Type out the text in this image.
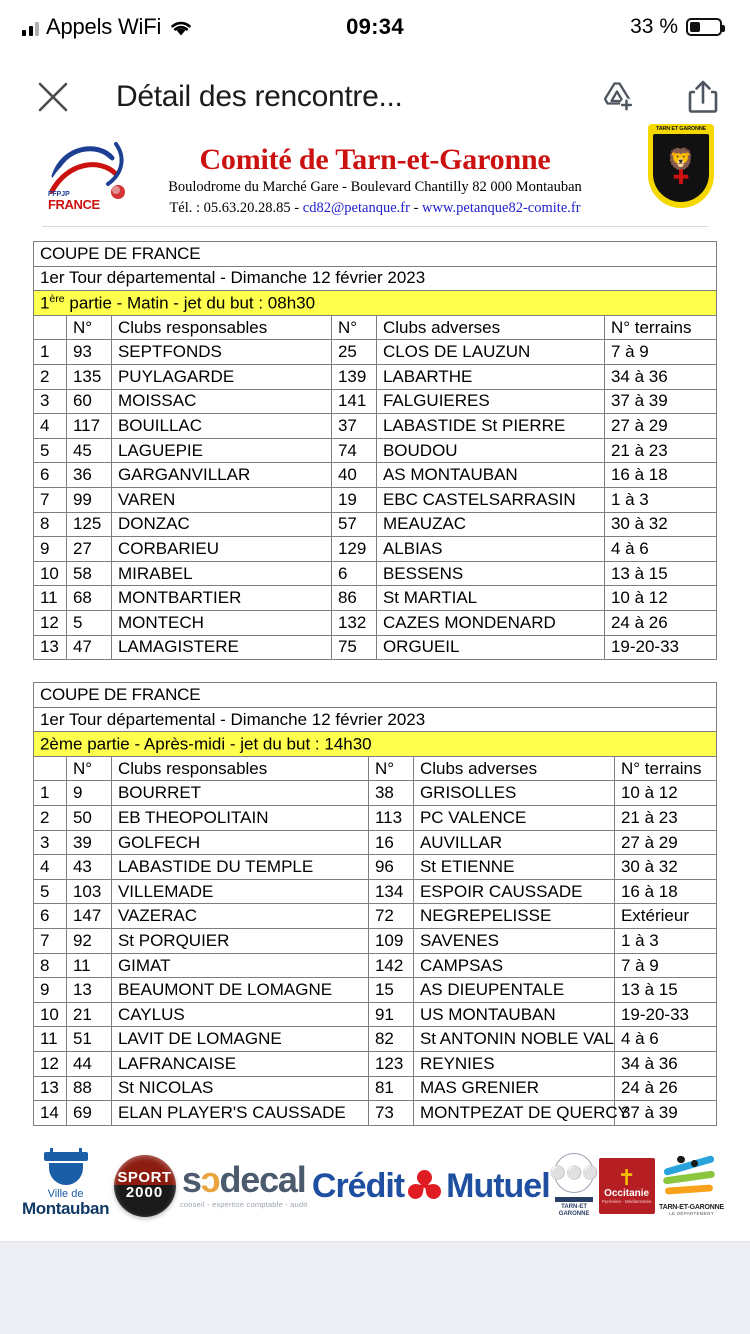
Appels WiFi	09:34	33 %
Détail des rencontre...
FFPJP
FRANCE
Comité de Tarn-et-Garonne
Boulodrome du Marché Gare - Boulevard Chantilly 82 000 Montauban
Tél. : 05.63.20.28.85 - cd82@petanque.fr - www.petanque82-comite.fr
TARN ET GARONNE
🦁
✚
COUPE DE FRANCE					
1er Tour départemental - Dimanche 12 février 2023					
1ère partie - Matin - jet du but : 08h30					
	N°	Clubs responsables	N°	Clubs adverses	N° terrains
1	93	SEPTFONDS	25	CLOS DE LAUZUN	7 à 9
2	135	PUYLAGARDE	139	LABARTHE	34 à 36
3	60	MOISSAC	141	FALGUIERES	37 à 39
4	117	BOUILLAC	37	LABASTIDE St PIERRE	27 à 29
5	45	LAGUEPIE	74	BOUDOU	21 à 23
6	36	GARGANVILLAR	40	AS MONTAUBAN	16 à 18
7	99	VAREN	19	EBC CASTELSARRASIN	1 à 3
8	125	DONZAC	57	MEAUZAC	30 à 32
9	27	CORBARIEU	129	ALBIAS	4 à 6
10	58	MIRABEL	6	BESSENS	13 à 15
11	68	MONTBARTIER	86	St MARTIAL	10 à 12
12	5	MONTECH	132	CAZES MONDENARD	24 à 26
13	47	LAMAGISTERE	75	ORGUEIL	19-20-33
COUPE DE FRANCE					
1er Tour départemental - Dimanche 12 février 2023					
2ème partie - Après-midi - jet du but : 14h30					
	N°	Clubs responsables	N°	Clubs adverses	N° terrains
1	9	BOURRET	38	GRISOLLES	10 à 12
2	50	EB THEOPOLITAIN	113	PC VALENCE	21 à 23
3	39	GOLFECH	16	AUVILLAR	27 à 29
4	43	LABASTIDE DU TEMPLE	96	St ETIENNE	30 à 32
5	103	VILLEMADE	134	ESPOIR CAUSSADE	16 à 18
6	147	VAZERAC	72	NEGREPELISSE	Extérieur
7	92	St PORQUIER	109	SAVENES	1 à 3
8	11	GIMAT	142	CAMPSAS	7 à 9
9	13	BEAUMONT DE LOMAGNE	15	AS DIEUPENTALE	13 à 15
10	21	CAYLUS	91	US MONTAUBAN	19-20-33
11	51	LAVIT DE LOMAGNE	82	St ANTONIN NOBLE VAL	4 à 6
12	44	LAFRANCAISE	123	REYNIES	34 à 36
13	88	St NICOLAS	81	MAS GRENIER	24 à 26
14	69	ELAN PLAYER'S CAUSSADE	73	MONTPEZAT DE QUERCY	37 à 39
Ville de
Montauban
SPORT
2000 sɔdecal
conseil - expertise comptable - audit Crédit Mutuel ⚪⚪⚪
TARN-ET
GARONNE
✝
Occitanie
Pyrénées - Méditerranée
TARN-ET-GARONNE
LE DÉPARTEMENT
